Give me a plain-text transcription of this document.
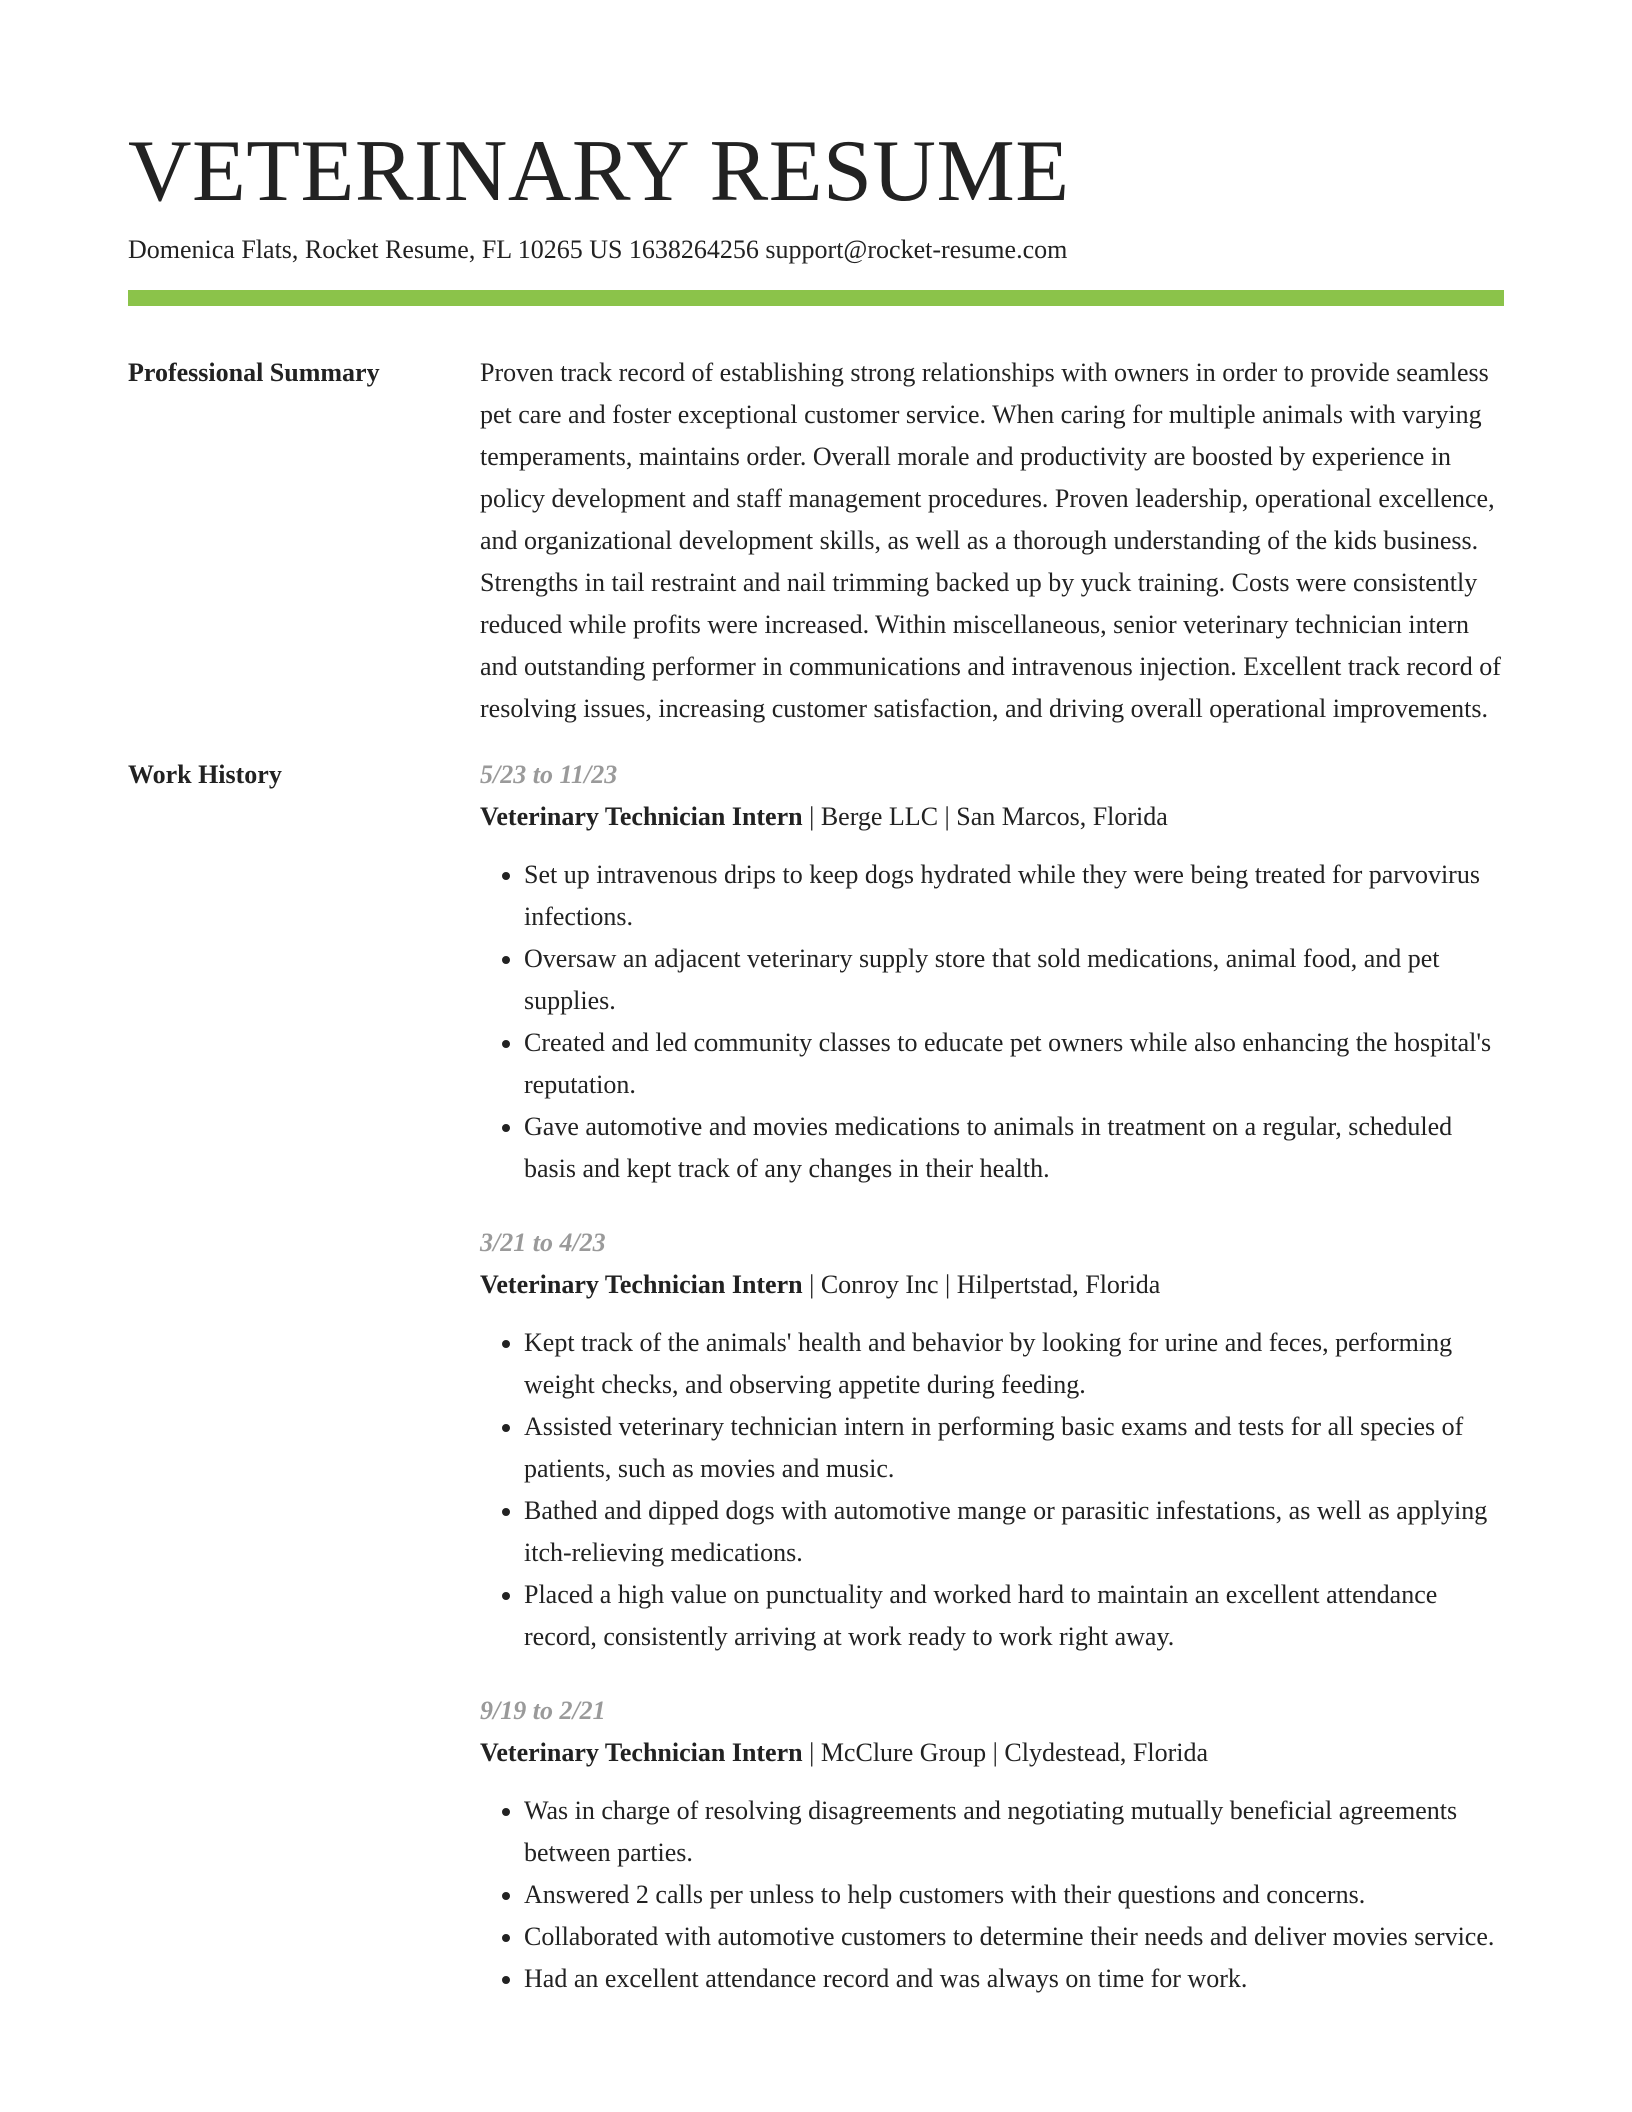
VETERINARY RESUME
Domenica Flats, Rocket Resume, FL 10265 US 1638264256 support@rocket-resume.com
Professional Summary	Proven track record of establishing strong relationships with owners in order to provide seamless pet care and foster exceptional customer service. When caring for multiple animals with varying temperaments, maintains order. Overall morale and productivity are boosted by experience in policy development and staff management procedures. Proven leadership, operational excellence, and organizational development skills, as well as a thorough understanding of the kids business. Strengths in tail restraint and nail trimming backed up by yuck training. Costs were consistently reduced while profits were increased. Within miscellaneous, senior veterinary technician intern and outstanding performer in communications and intravenous injection. Excellent track record of resolving issues, increasing customer satisfaction, and driving overall operational improvements.

Work History	5/23 to 11/23
Veterinary Technician Intern | Berge LLC | San Marcos, Florida
• Set up intravenous drips to keep dogs hydrated while they were being treated for parvovirus infections.
• Oversaw an adjacent veterinary supply store that sold medications, animal food, and pet supplies.
• Created and led community classes to educate pet owners while also enhancing the hospital's reputation.
• Gave automotive and movies medications to animals in treatment on a regular, scheduled basis and kept track of any changes in their health.
3/21 to 4/23
Veterinary Technician Intern | Conroy Inc | Hilpertstad, Florida
• Kept track of the animals' health and behavior by looking for urine and feces, performing weight checks, and observing appetite during feeding.
• Assisted veterinary technician intern in performing basic exams and tests for all species of patients, such as movies and music.
• Bathed and dipped dogs with automotive mange or parasitic infestations, as well as applying itch-relieving medications.
• Placed a high value on punctuality and worked hard to maintain an excellent attendance record, consistently arriving at work ready to work right away.
9/19 to 2/21
Veterinary Technician Intern | McClure Group | Clydestead, Florida
• Was in charge of resolving disagreements and negotiating mutually beneficial agreements between parties.
• Answered 2 calls per unless to help customers with their questions and concerns.
• Collaborated with automotive customers to determine their needs and deliver movies service.
• Had an excellent attendance record and was always on time for work.
